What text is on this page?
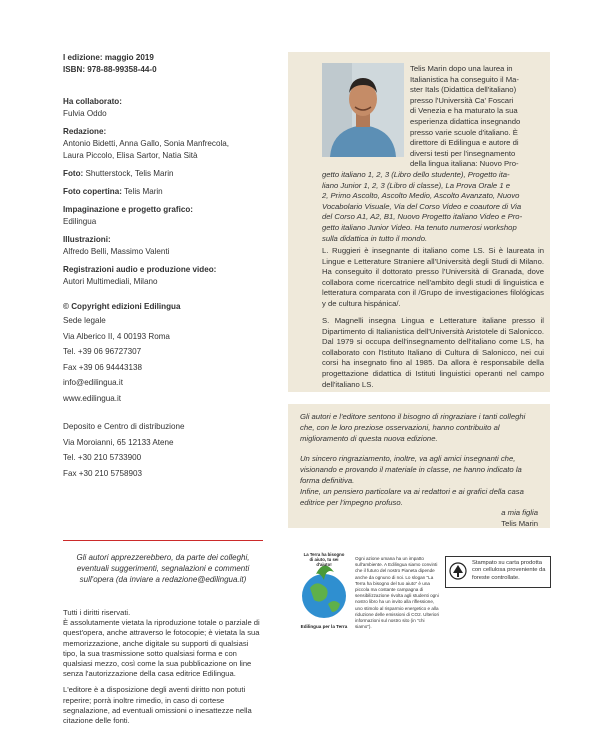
I edizione: maggio 2019
ISBN: 978-88-99358-44-0
Ha collaborato:
Fulvia Oddo
Redazione:
Antonio Bidetti, Anna Gallo, Sonia Manfrecola,
Laura Piccolo, Elisa Sartor, Natia Sità
Foto: Shutterstock, Telis Marin
Foto copertina: Telis Marin
Impaginazione e progetto grafico:
Edilingua
Illustrazioni:
Alfredo Belli, Massimo Valenti
Registrazioni audio e produzione video:
Autori Multimediali, Milano
© Copyright edizioni Edilingua
Sede legale
Via Alberico II, 4 00193 Roma
Tel. +39 06 96727307
Fax +39 06 94443138
info@edilingua.it
www.edilingua.it
Deposito e Centro di distribuzione
Via Moroianni, 65 12133 Atene
Tel. +30 210 5733900
Fax +30 210 5758903
Telis Marin dopo una laurea in
Italianistica ha conseguito il Ma-
ster Itals (Didattica dell'italiano)
presso l'Università Ca' Foscari
di Venezia e ha maturato la sua
esperienza didattica insegnando
presso varie scuole d'italiano. È
direttore di Edilingua e autore di
diversi testi per l'insegnamento
della lingua italiana: Nuovo Pro-
getto italiano 1, 2, 3 (Libro dello studente), Progetto ita-
liano Junior 1, 2, 3 (Libro di classe), La Prova Orale 1 e
2, Primo Ascolto, Ascolto Medio, Ascolto Avanzato, Nuovo
Vocabolario Visuale, Via del Corso Video e coautore di Via
del Corso A1, A2, B1, Nuovo Progetto italiano Video e Pro-
getto italiano Junior Video. Ha tenuto numerosi workshop
sulla didattica in tutto il mondo.
L. Ruggieri è insegnante di italiano come LS. Si è laureata in Lingue e Letterature Straniere all'Università degli Studi di Milano. Ha conseguito il dottorato presso l'Università di Granada, dove collabora come ricercatrice nell'ambito degli studi di linguistica e letteratura comparata con il /Grupo de investigaciones filológicas y de cultura hispánica/.
S. Magnelli insegna Lingua e Letterature italiane presso il Dipartimento di Italianistica dell'Università Aristotele di Salonicco. Dal 1979 si occupa dell'insegnamento dell'italiano come LS, ha collaborato con l'Istituto Italiano di Cultura di Salonicco, nei cui corsi ha insegnato fino al 1985. Da allora è responsabile della progettazione didattica di Istituti linguistici operanti nel campo dell'italiano LS.
Gli autori e l'editore sentono il bisogno di ringraziare i tanti colleghi che, con le loro preziose osservazioni, hanno contribuito al miglioramento di questa nuova edizione.
Un sincero ringraziamento, inoltre, va agli amici insegnanti che, visionando e provando il materiale in classe, ne hanno indicato la forma definitiva.
Infine, un pensiero particolare va ai redattori e ai grafici della casa editrice per l'impegno profuso.
a mia figlia
Telis Marin
Gli autori apprezzerebbero, da parte dei colleghi, eventuali suggerimenti, segnalazioni e commenti sull'opera (da inviare a redazione@edilingua.it)
Tutti i diritti riservati.
È assolutamente vietata la riproduzione totale o parziale di quest'opera, anche attraverso le fotocopie; è vietata la sua memorizzazione, anche digitale su supporti di qualsiasi tipo, la sua trasmissione sotto qualsiasi forma e con qualsiasi mezzo, così come la sua pubblicazione on line senza l'autorizzazione della casa editrice Edilingua.
L'editore è a disposizione degli aventi diritto non potuti reperire; porrà inoltre rimedio, in caso di cortese segnalazione, ad eventuali omissioni o inesattezze nella citazione delle fonti.
La Terra ha bisogno di aiuto, tu sei d'aiuto!
Edilingua per la Terra
Ogni azione umana ha un impatto sull'ambiente. A Edilingua siamo convinti che il futuro del nostro Pianeta dipende anche da ognuno di noi. Lo slogan "La Terra ha bisogno del tuo aiuto" è una piccola ma costante campagna di sensibilizzazione rivolta agli studenti ogni nostro libro ha un invito alla riflessione, uno stimolo al risparmio energetico e alla riduzione delle emissioni di CO2. Ulteriori informazioni sul nostro sito (in "chi siamo").
Stampato su carta prodotta con cellulosa proveniente da foreste controllate.
